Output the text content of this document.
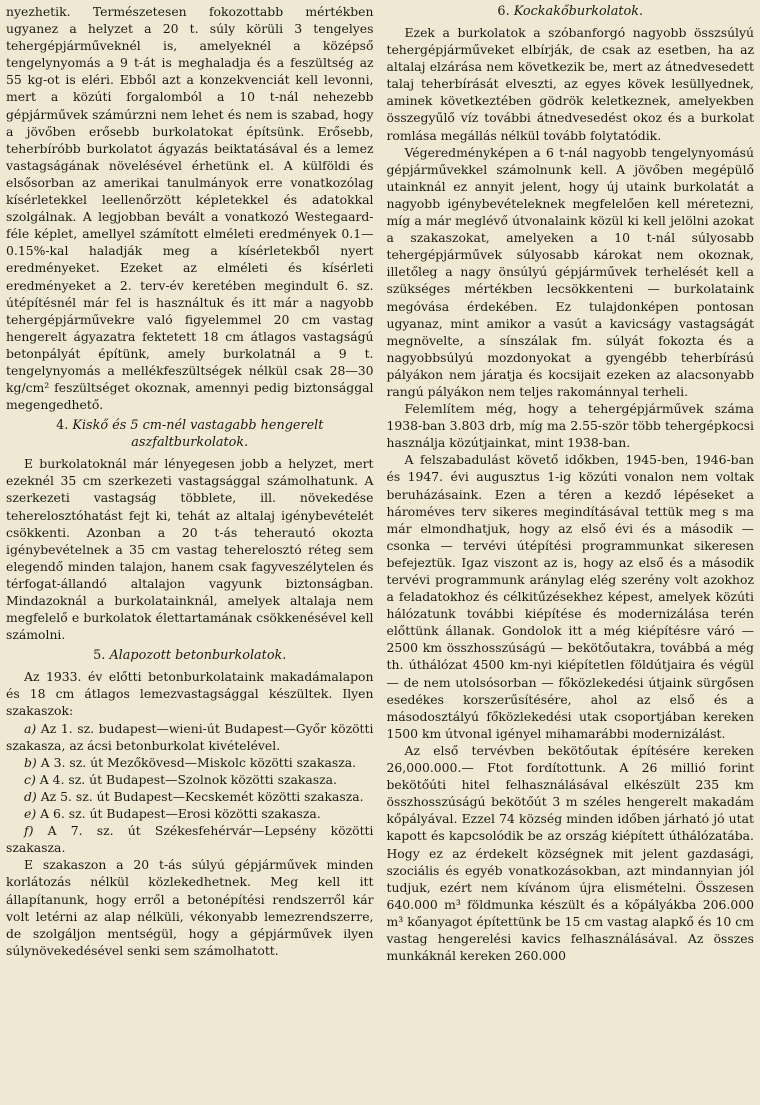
nyezhetik. Természetesen fokozottabb mértékben ugyanez a helyzet a 20 t. súly körüli 3 tengelyes tehergépjárműveknél is, amelyeknél a középső tengelynyomás a 9 t-át is meghaladja és a feszültség az 55 kg-ot is eléri. Ebből azt a konzekvenciát kell levonni, mert a közúti forgalomból a 10 t-nál nehezebb gépjárművek számúrzni nem lehet és nem is szabad, hogy a jövőben erősebb burkolatokat építsünk. Erősebb, teherbíróbb burkolatot ágyazás beiktatásával és a lemez vastagságának növelésével érhetünk el. A külföldi és elsősorban az amerikai tanulmányok erre vonatkozólag kísérletekkel leellenőrzött képletekkel és adatokkal szolgálnak. A legjobban bevált a vonatkozó Westegaard-féle képlet, amellyel számított elméleti eredmények 0.1—0.15%-kal haladják meg a kísérletekből nyert eredményeket. Ezeket az elméleti és kísérleti eredményeket a 2. terv-év keretében megindult 6. sz. útépítésnél már fel is használtuk és itt már a nagyobb tehergépjárművekre való figyelemmel 20 cm vastag hengerelt ágyazatra fektetett 18 cm átlagos vastagságú betonpályát építünk, amely burkolatnál a 9 t. tengelynyomás a mellékfeszültségek nélkül csak 28—30 kg/cm² feszültséget okoznak, amennyi pedig biztonsággal megengedhető.

4. Kiskő és 5 cm-nél vastagabb hengerelt aszfaltburkolatok.

E burkolatoknál már lényegesen jobb a helyzet, mert ezeknél 35 cm szerkezeti vastagsággal számolhatunk. A szerkezeti vastagság többlete, ill. növekedése teherelosztóhatást fejt ki, tehát az altalaj igénybevételét csökkenti. Azonban a 20 t-ás teherautó okozta igénybevételnek a 35 cm vastag teherelosztó réteg sem elegendő minden talajon, hanem csak fagyveszélytelen és térfogat-állandó altalajon vagyunk biztonságban. Mindazoknál a burkolatainknál, amelyek altalaja nem megfelelő e burkolatok élettartamának csökkenésével kell számolni.

5. Alapozott betonburkolatok.

Az 1933. év előtti betonburkolataink makadámalapon és 18 cm átlagos lemezvastagsággal készültek. Ilyen szakaszok:

a) Az 1. sz. budapest—wieni-út Budapest—Győr közötti szakasza, az ácsi betonburkolat kivételével.

b) A 3. sz. út Mezőkövesd—Miskolc közötti szakasza.

c) A 4. sz. út Budapest—Szolnok közötti szakasza.

d) Az 5. sz. út Budapest—Kecskemét közötti szakasza.

e) A 6. sz. út Budapest—Erosi közötti szakasza.

f) A 7. sz. út Székesfehérvár—Lepsény közötti szakasza.

E szakaszon a 20 t-ás súlyú gépjárművek minden korlátozás nélkül közlekedhetnek. Meg kell itt állapítanunk, hogy erről a betonépítési rendszerről kár volt letérni az alap nélküli, vékonyabb lemezrendszerre, de szolgáljon mentségül, hogy a gépjárművek ilyen súlynövekedésével senki sem számolhatott.

6. Kockakőburkolatok.

Ezek a burkolatok a szóbanforgó nagyobb összsúlyú tehergépjárműveket elbírják, de csak az esetben, ha az altalaj elzárása nem következik be, mert az átnedvesedett talaj teherbírását elveszti, az egyes kövek lesüllyednek, aminek következtében gödrök keletkeznek, amelyekben összegyűlő víz további átnedvesedést okoz és a burkolat romlása megállás nélkül tovább folytatódik.

Végeredményképen a 6 t-nál nagyobb tengelynyomású gépjárművekkel számolnunk kell. A jövőben megépülő utainknál ez annyit jelent, hogy új utaink burkolatát a nagyobb igénybevételeknek megfelelően kell méretezni, míg a már meglévő útvonalaink közül ki kell jelölni azokat a szakaszokat, amelyeken a 10 t-nál súlyosabb tehergépjárművek súlyosabb károkat nem okoznak, illetőleg a nagy önsúlyú gépjárművek terhelését kell a szükséges mértékben lecsökkenteni — burkolataink megóvása érdekében. Ez tulajdonképen pontosan ugyanaz, mint amikor a vasút a kavicságy vastagságát megnövelte, a sínszálak fm. súlyát fokozta és a nagyobbsúlyú mozdonyokat a gyengébb teherbírású pályákon nem járatja és kocsijait ezeken az alacsonyabb rangú pályákon nem teljes rakománnyal terheli.

Felemlítem még, hogy a tehergépjárművek száma 1938-ban 3.803 drb, míg ma 2.55-ször több tehergépkocsi használja közútjainkat, mint 1938-ban.

A felszabadulást követő időkben, 1945-ben, 1946-ban és 1947. évi augusztus 1-ig közúti vonalon nem voltak beruházásaink. Ezen a téren a kezdő lépéseket a hároméves terv sikeres megindításával tettük meg s ma már elmondhatjuk, hogy az első évi és a második — csonka — tervévi útépítési programmunkat sikeresen befejeztük. Igaz viszont az is, hogy az első és a második tervévi programmunk aránylag elég szerény volt azokhoz a feladatokhoz és célkitűzésekhez képest, amelyek közúti hálózatunk további kiépítése és modernizálása terén előttünk állanak. Gondolok itt a még kiépítésre váró — 2500 km összhosszúságú — bekötőutakra, továbbá a még th. úthálózat 4500 km-nyi kiépítetlen földútjaira és végül — de nem utolsósorban — főközlekedési útjaink sürgősen esedékes korszerűsítésére, ahol az első és a másodosztályú főközlekedési utak csoportjában kereken 1500 km útvonal igényel mihamarábbi modernizálást.

Az első tervévben bekötőutak építésére kereken 26,000.000.— Ftot fordítottunk. A 26 millió forint bekötőúti hitel felhasználásával elkészült 235 km összhosszúságú bekötőút 3 m széles hengerelt makadám kőpályával. Ezzel 74 község minden időben járható jó utat kapott és kapcsolódik be az ország kiépített úthálózatába. Hogy ez az érdekelt községnek mit jelent gazdasági, szociális és egyéb vonatkozásokban, azt mindannyian jól tudjuk, ezért nem kívánom újra elismételni. Összesen 640.000 m³ földmunka készült és a kőpályákba 206.000 m³ kőanyagot építettünk be 15 cm vastag alapkő és 10 cm vastag hengerelési kavics felhasználásával. Az összes munkáknál kereken 260.000
